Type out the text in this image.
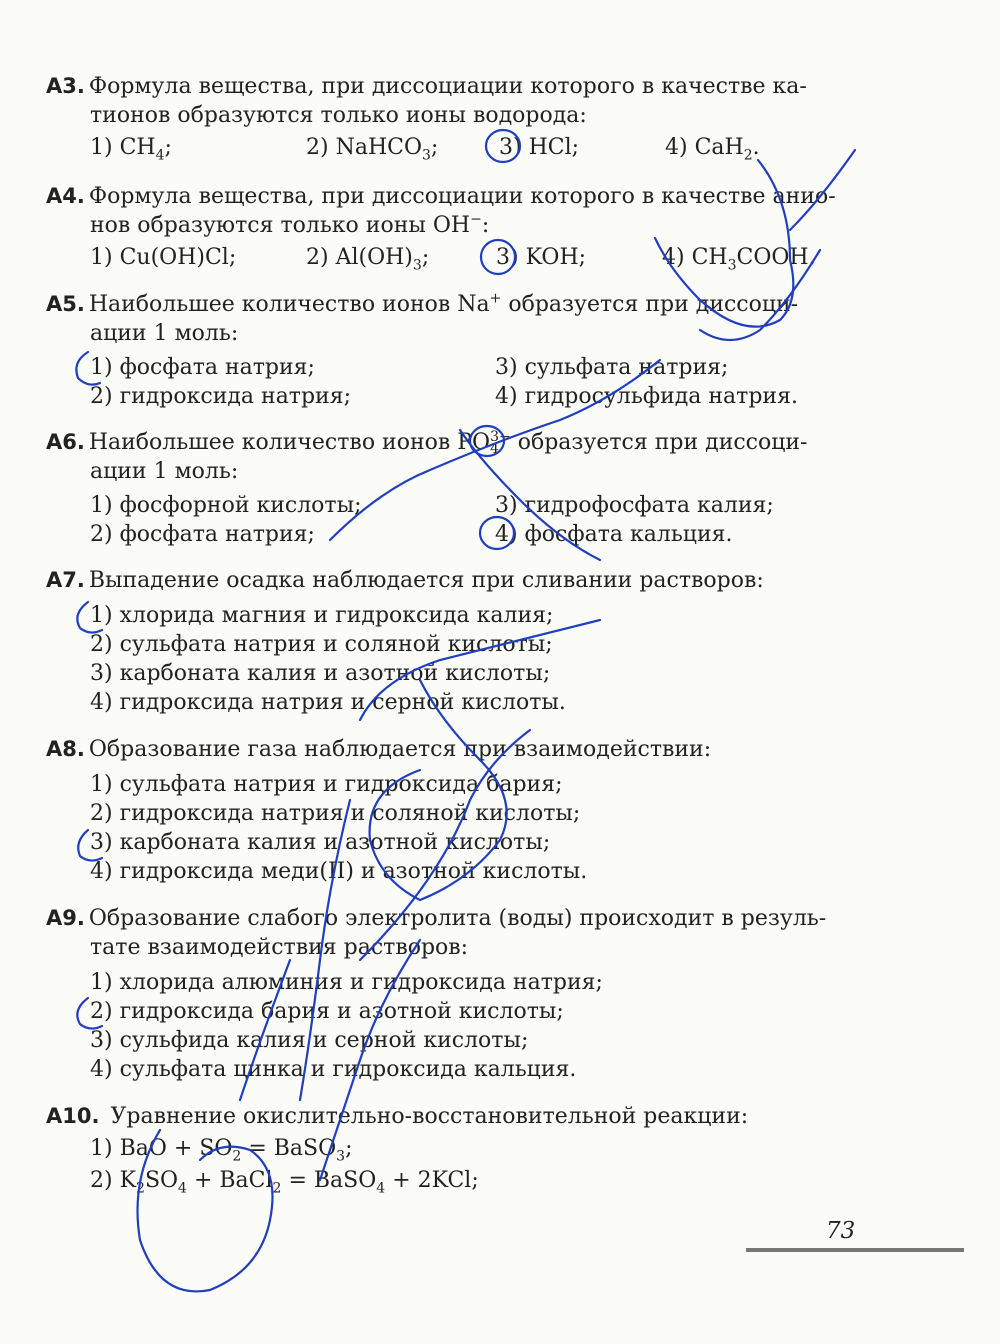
А3. Формула вещества, при диссоциации которого в качестве ка-
тионов образуются только ионы водорода:
1) $CH_4$;	2) NaHCO$_3$;	3) HCl;	4) CaH$_2$.
А4. Формула вещества, при диссоциации которого в качестве анио-
нов образуются только ионы OH−:
1) Cu(OH)Cl;	2) $Al(OH)_3$;	3) KOH;	4) $CH_3COOH$.
А5. Наибольшее количество ионов Na+ образуется при диссоци-
ации 1 моль:
1) фосфата натрия;	3) сульфата натрия;
2) гидроксида натрия;	4) гидросульфида натрия.
А6. Наибольшее количество ионов PO 3−
4 образуется при диссоци-
ации 1 моль:
1) фосфорной кислоты;	3) гидрофосфата калия;
2) фосфата натрия;	4) фосфата кальция.
А7. Выпадение осадка наблюдается при сливании растворов:
1) хлорида магния и гидроксида калия;
2) сульфата натрия и соляной кислоты;
3) карбоната калия и азотной кислоты;
4) гидроксида натрия и серной кислоты.
А8. Образование газа наблюдается при взаимодействии:
1) сульфата натрия и гидроксида бария;
2) гидроксида натрия и соляной кислоты;
3) карбоната калия и азотной кислоты;
4) гидроксида меди(II) и азотной кислоты.
А9. Образование слабого электролита (воды) происходит в резуль-
тате взаимодействия растворов:
1) хлорида алюминия и гидроксида натрия;
2) гидроксида бария и азотной кислоты;
3) сульфида калия и серной кислоты;
4) сульфата цинка и гидроксида кальция.
А10. Уравнение окислительно-восстановительной реакции:
1) BaO + $SO_2$ = BaSO$_3$;
2) $K_2SO_4$ + BaCl$_2$ = BaSO$_4$ + 2KCl;
73
